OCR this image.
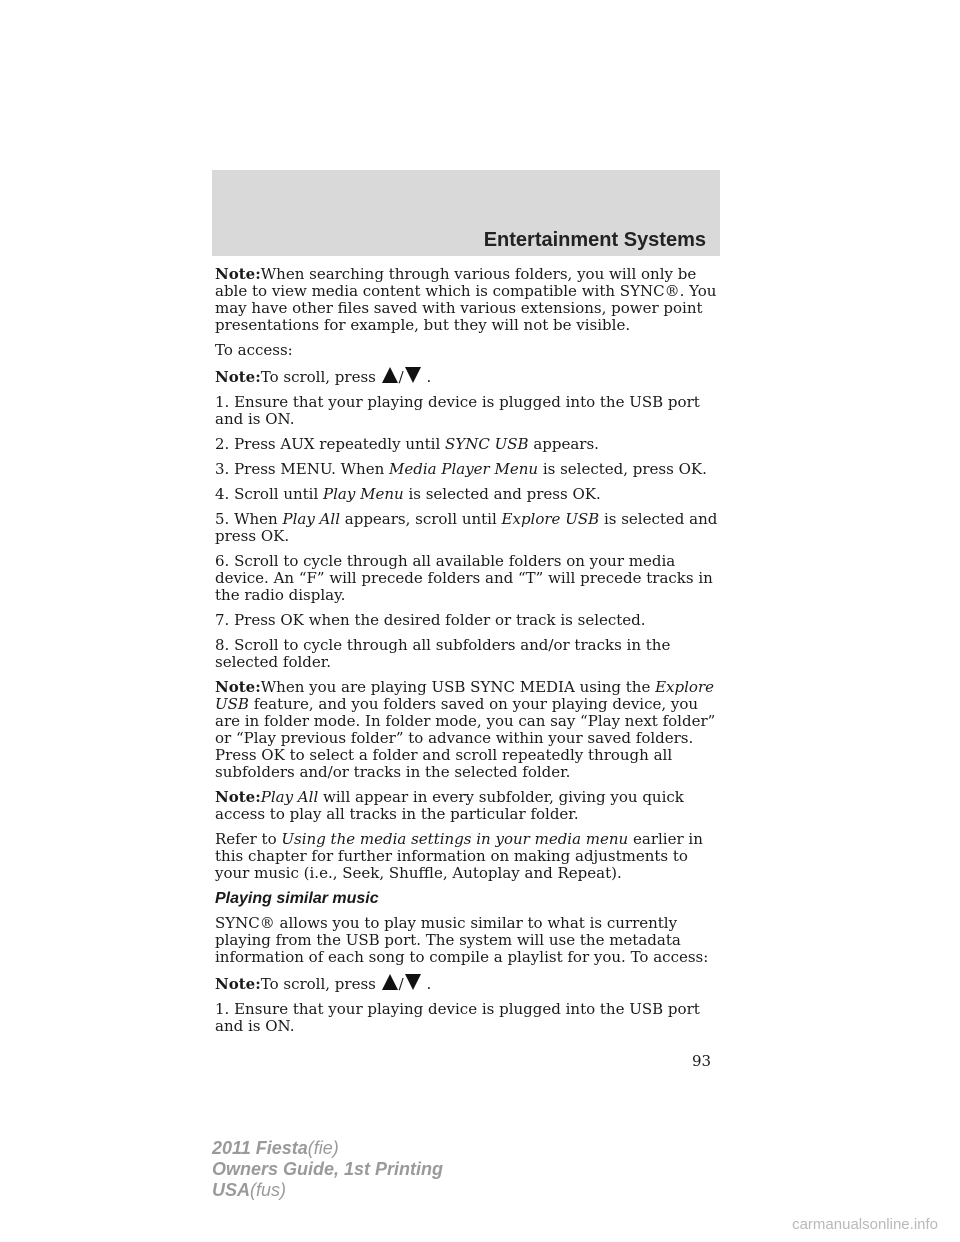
Entertainment Systems

Note:When searching through various folders, you will only be able to view media content which is compatible with SYNC®. You may have other files saved with various extensions, power point presentations for example, but they will not be visible.

To access:

Note:To scroll, press / .

1. Ensure that your playing device is plugged into the USB port and is ON.

2. Press AUX repeatedly until SYNC USB appears.

3. Press MENU. When Media Player Menu is selected, press OK.

4. Scroll until Play Menu is selected and press OK.

5. When Play All appears, scroll until Explore USB is selected and press OK.

6. Scroll to cycle through all available folders on your media device. An “F” will precede folders and “T” will precede tracks in the radio display.

7. Press OK when the desired folder or track is selected.

8. Scroll to cycle through all subfolders and/or tracks in the selected folder.

Note:When you are playing USB SYNC MEDIA using the Explore USB feature, and you folders saved on your playing device, you are in folder mode. In folder mode, you can say “Play next folder” or “Play previous folder” to advance within your saved folders. Press OK to select a folder and scroll repeatedly through all subfolders and/or tracks in the selected folder.

Note:Play All will appear in every subfolder, giving you quick access to play all tracks in the particular folder.

Refer to Using the media settings in your media menu earlier in this chapter for further information on making adjustments to your music (i.e., Seek, Shuffle, Autoplay and Repeat).

Playing similar music

SYNC® allows you to play music similar to what is currently playing from the USB port. The system will use the metadata information of each song to compile a playlist for you. To access:

Note:To scroll, press / .

1. Ensure that your playing device is plugged into the USB port and is ON.

93
2011 Fiesta(fie)
Owners Guide, 1st Printing
USA(fus)
carmanualsonline.info
